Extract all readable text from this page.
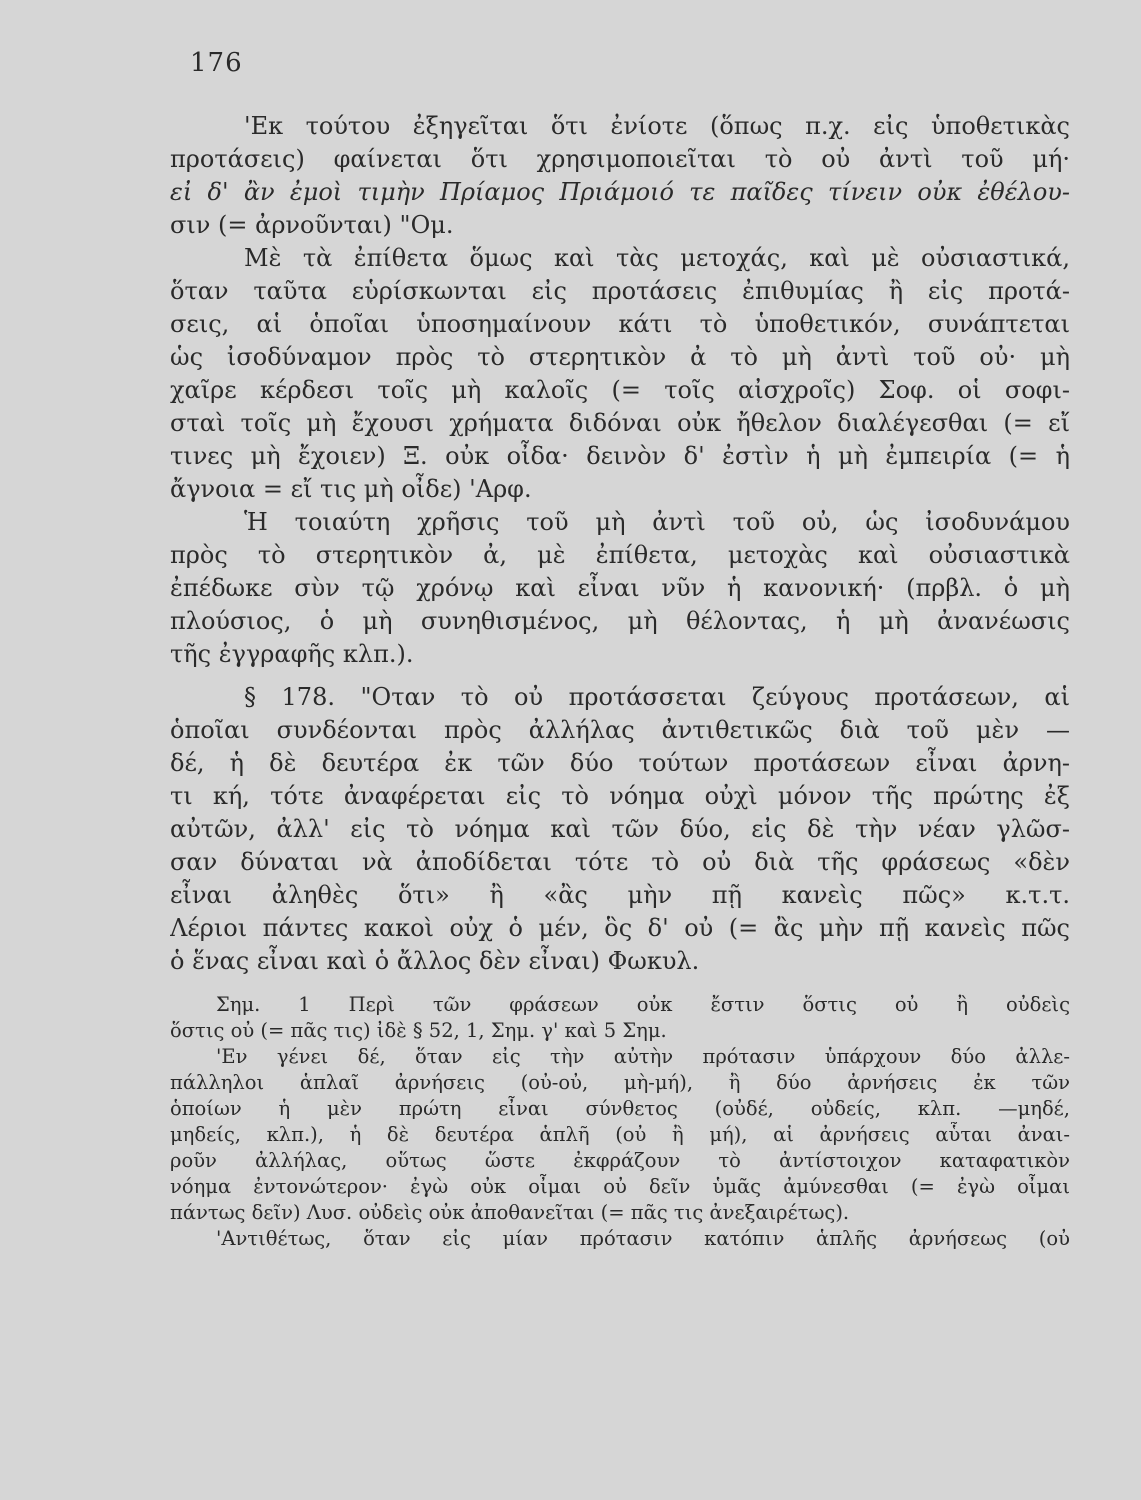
176
'Εκ τούτου ἐξηγεῖται ὅτι ἐνίοτε (ὅπως π.χ. εἰς ὑποθετικὰς
προτάσεις) φαίνεται ὅτι χρησιμοποιεῖται τὸ οὐ ἀντὶ τοῦ μή·
εἰ δ' ἂν ἐμοὶ τιμὴν Πρίαμος Πριάμοιό τε παῖδες τίνειν οὐκ ἐθέλου-
σιν (= ἀρνοῦνται) "Ομ.
Μὲ τὰ ἐπίθετα ὅμως καὶ τὰς μετοχάς, καὶ μὲ οὐσιαστικά,
ὅταν ταῦτα εὑρίσκωνται εἰς προτάσεις ἐπιθυμίας ἢ εἰς προτά-
σεις, αἱ ὁποῖαι ὑποσημαίνουν κάτι τὸ ὑποθετικόν, συνάπτεται
ὡς ἰσοδύναμον πρὸς τὸ στερητικὸν ἀ τὸ μὴ ἀντὶ τοῦ οὐ· μὴ
χαῖρε κέρδεσι τοῖς μὴ καλοῖς (= τοῖς αἰσχροῖς) Σοφ. οἱ σοφι-
σταὶ τοῖς μὴ ἔχουσι χρήματα διδόναι οὐκ ἤθελον διαλέγεσθαι (= εἴ
τινες μὴ ἔχοιεν) Ξ. οὐκ οἶδα· δεινὸν δ' ἐστὶν ἡ μὴ ἐμπειρία (= ἡ
ἄγνοια = εἴ τις μὴ οἶδε) 'Αρφ.
Ἡ τοιαύτη χρῆσις τοῦ μὴ ἀντὶ τοῦ οὐ, ὡς ἰσοδυνάμου
πρὸς τὸ στερητικὸν ἀ, μὲ ἐπίθετα, μετοχὰς καὶ οὐσιαστικὰ
ἐπέδωκε σὺν τῷ χρόνῳ καὶ εἶναι νῦν ἡ κανονική· (πρβλ. ὁ μὴ
πλούσιος, ὁ μὴ συνηθισμένος, μὴ θέλοντας, ἡ μὴ ἀνανέωσις
τῆς ἐγγραφῆς κλπ.).
§ 178. "Οταν τὸ οὐ προτάσσεται ζεύγους προτάσεων, αἱ
ὁποῖαι συνδέονται πρὸς ἀλλήλας ἀντιθετικῶς διὰ τοῦ μὲν —
δέ, ἡ δὲ δευτέρα ἐκ τῶν δύο τούτων προτάσεων εἶναι ἀρνη-
τι κή, τότε ἀναφέρεται εἰς τὸ νόημα οὐχὶ μόνον τῆς πρώτης ἐξ
αὐτῶν, ἀλλ' εἰς τὸ νόημα καὶ τῶν δύο, εἰς δὲ τὴν νέαν γλῶσ-
σαν δύναται νὰ ἀποδίδεται τότε τὸ οὐ διὰ τῆς φράσεως «δὲν
εἶναι ἀληθὲς ὅτι» ἢ «ἂς μὴν πῇ κανεὶς πῶς» κ.τ.τ.
Λέριοι πάντες κακοὶ οὐχ ὁ μέν, ὃς δ' οὐ (= ἂς μὴν πῇ κανεὶς πῶς
ὁ ἕνας εἶναι καὶ ὁ ἄλλος δὲν εἶναι) Φωκυλ.
Σημ. 1 Περὶ τῶν φράσεων οὐκ ἔστιν ὅστις οὐ ἢ οὐδεὶς
ὅστις οὐ (= πᾶς τις) ἰδὲ § 52, 1, Σημ. γ' καὶ 5 Σημ.
'Εν γένει δέ, ὅταν εἰς τὴν αὐτὴν πρότασιν ὑπάρχουν δύο ἀλλε-
πάλληλοι ἁπλαῖ ἀρνήσεις (οὐ-οὐ, μὴ-μή), ἢ δύο ἀρνήσεις ἐκ τῶν
ὁποίων ἡ μὲν πρώτη εἶναι σύνθετος (οὐδέ, οὐδείς, κλπ. —μηδέ,
μηδείς, κλπ.), ἡ δὲ δευτέρα ἁπλῆ (οὐ ἢ μή), αἱ ἀρνήσεις αὗται ἀναι-
ροῦν ἀλλήλας, οὕτως ὥστε ἐκφράζουν τὸ ἀντίστοιχον καταφατικὸν
νόημα ἐντονώτερον· ἐγὼ οὐκ οἶμαι οὐ δεῖν ὑμᾶς ἀμύνεσθαι (= ἐγὼ οἶμαι
πάντως δεῖν) Λυσ. οὐδεὶς οὐκ ἀποθανεῖται (= πᾶς τις ἀνεξαιρέτως).
'Αντιθέτως, ὅταν εἰς μίαν πρότασιν κατόπιν ἁπλῆς ἀρνήσεως (οὐ
